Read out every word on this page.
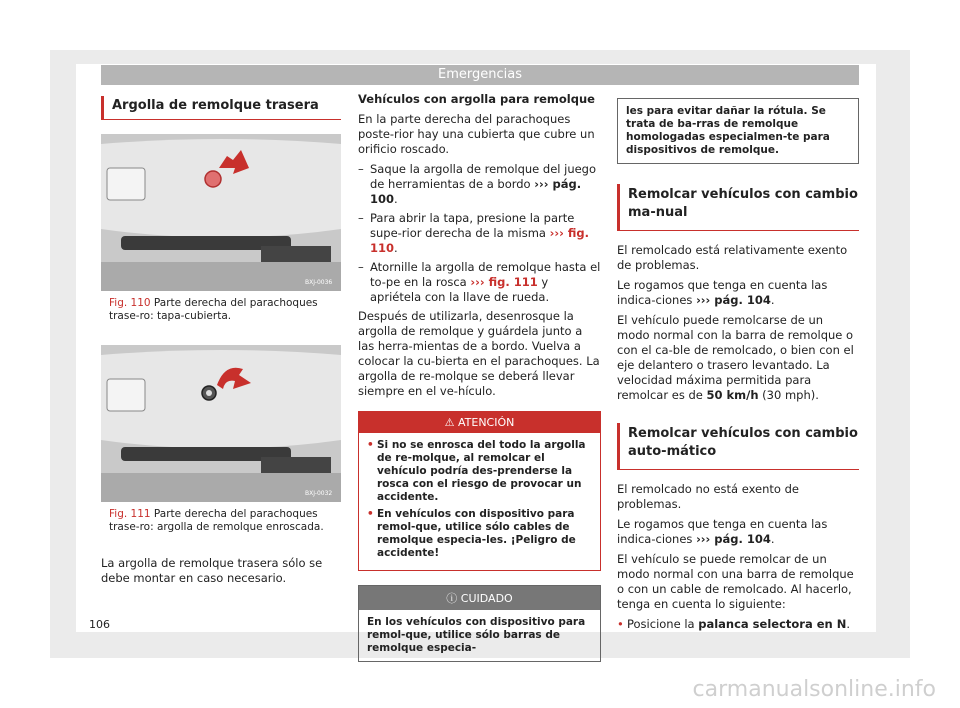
Emergencias
Argolla de remolque trasera
BXJ-0036
Fig. 110 Parte derecha del parachoques trase-ro: tapa-cubierta.
BXJ-0032
Fig. 111 Parte derecha del parachoques trase-ro: argolla de remolque enroscada.

La argolla de remolque trasera sólo se debe montar en caso necesario.

Vehículos con argolla para remolque

En la parte derecha del parachoques poste-rior hay una cubierta que cubre un orificio roscado.

– Saque la argolla de remolque del juego de herramientas de a bordo ››› pág. 100.
– Para abrir la tapa, presione la parte supe-rior derecha de la misma ››› fig. 110.
– Atornille la argolla de remolque hasta el to-pe en la rosca ››› fig. 111 y apriétela con la llave de rueda.

Después de utilizarla, desenrosque la argolla de remolque y guárdela junto a las herra-mientas de a bordo. Vuelva a colocar la cu-bierta en el parachoques. La argolla de re-molque se deberá llevar siempre en el ve-hículo.

⚠ ATENCIÓN
• Si no se enrosca del todo la argolla de re-molque, al remolcar el vehículo podría des-prenderse la rosca con el riesgo de provocar un accidente.
• En vehículos con dispositivo para remol-que, utilice sólo cables de remolque especia-les. ¡Peligro de accidente!
ⓘ CUIDADO
En los vehículos con dispositivo para remol-que, utilice sólo barras de remolque especia-
les para evitar dañar la rótula. Se trata de ba-rras de remolque homologadas especialmen-te para dispositivos de remolque.
Remolcar vehículos con cambio ma-nual

El remolcado está relativamente exento de problemas.

Le rogamos que tenga en cuenta las indica-ciones ››› pág. 104.

El vehículo puede remolcarse de un modo normal con la barra de remolque o con el ca-ble de remolcado, o bien con el eje delantero o trasero levantado. La velocidad máxima permitida para remolcar es de 50 km/h (30 mph).

Remolcar vehículos con cambio auto-mático

El remolcado no está exento de problemas.

Le rogamos que tenga en cuenta las indica-ciones ››› pág. 104.

El vehículo se puede remolcar de un modo normal con una barra de remolque o con un cable de remolcado. Al hacerlo, tenga en cuenta lo siguiente:

• Posicione la palanca selectora en N.

106
carmanualsonline.info
